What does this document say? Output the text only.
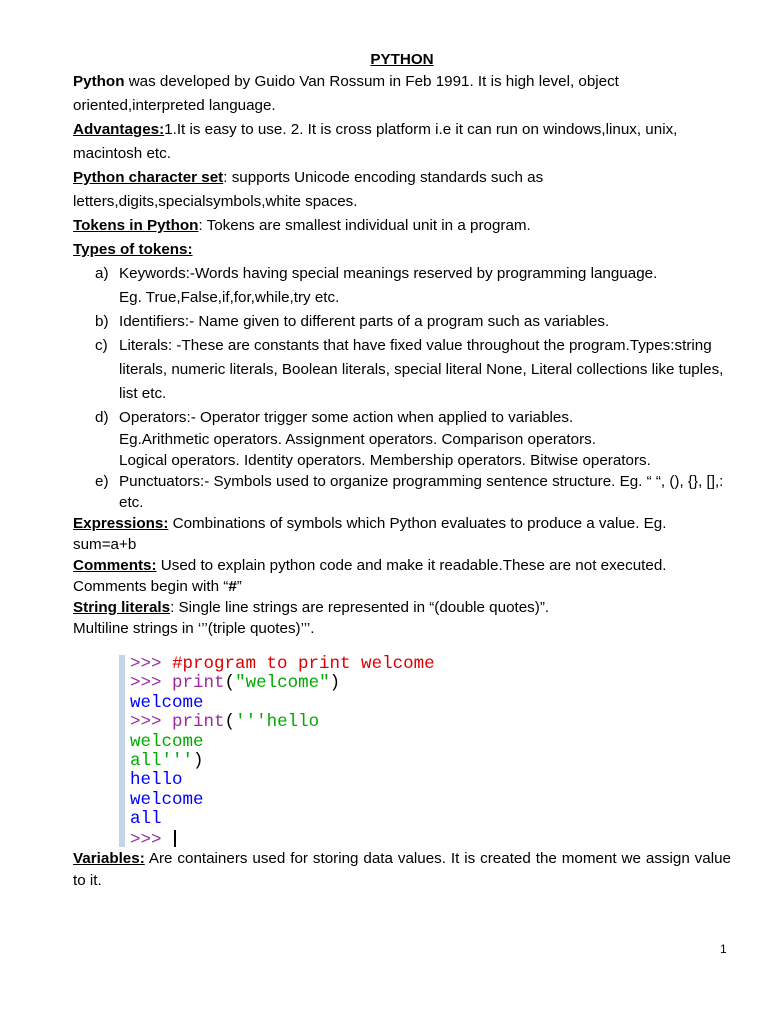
PYTHON

Python was developed by Guido Van Rossum in Feb 1991. It is high level, object oriented,interpreted language.

Advantages:1.It is easy to use. 2. It is cross platform i.e it can run on windows,linux, unix, macintosh etc.

Python character set: supports Unicode encoding standards such as letters,digits,specialsymbols,white spaces.

Tokens in Python: Tokens are smallest individual unit in a program.

Types of tokens:

a) Keywords:-Words having special meanings reserved by programming language.
Eg. True,False,if,for,while,try etc.
b) Identifiers:- Name given to different parts of a program such as variables.
c) Literals: -These are constants that have fixed value throughout the program.Types:string literals, numeric literals, Boolean literals, special literal None, Literal collections like tuples, list etc.
d) Operators:- Operator trigger some action when applied to variables.
Eg.Arithmetic operators. Assignment operators. Comparison operators.
Logical operators. Identity operators. Membership operators. Bitwise operators.
e) Punctuators:- Symbols used to organize programming sentence structure. Eg. “ “, (), {}, [],: etc.

Expressions: Combinations of symbols which Python evaluates to produce a value. Eg. sum=a+b

Comments: Used to explain python code and make it readable.These are not executed. Comments begin with “#”

String literals: Single line strings are represented in “(double quotes)”.
Multiline strings in ‘’’(triple quotes)’’’.

>>> #program to print welcome
>>> print("welcome")
welcome
>>> print('''hello
welcome
all''')
hello
welcome
all
>>>

Variables: Are containers used for storing data values. It is created the moment we assign value to it.

1
